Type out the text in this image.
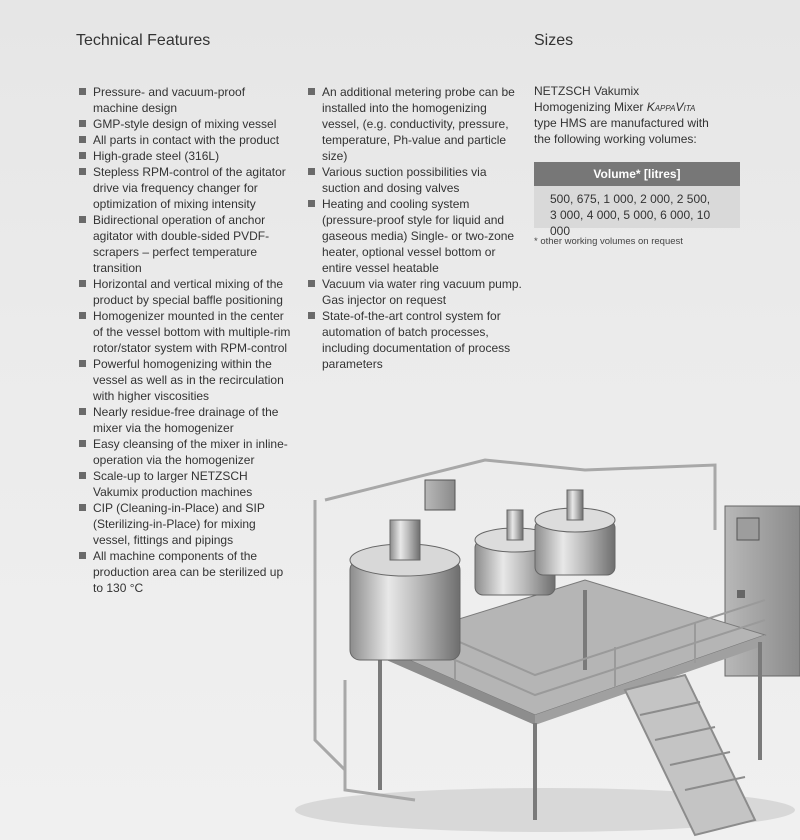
Technical Features	Sizes
Pressure- and vacuum-proof machine design
GMP-style design of mixing vessel
All parts in contact with the product
High-grade steel (316L)
Stepless RPM-control of the agitator drive via frequency changer for optimization of mixing intensity
Bidirectional operation of anchor agitator with double-sided PVDF-scrapers – perfect temperature transition
Horizontal and vertical mixing of the product by special baffle positioning
Homogenizer mounted in the center of the vessel bottom with multiple-rim rotor/stator system with RPM-control
Powerful homogenizing within the vessel as well as in the recirculation with higher viscosities
Nearly residue-free drainage of the mixer via the homogenizer
Easy cleansing of the mixer in inline-operation via the homogenizer
Scale-up to larger NETZSCH Vakumix production machines
CIP (Cleaning-in-Place) and SIP (Sterilizing-in-Place) for mixing vessel, fittings and pipings
All machine components of the production area can be sterilized up to 130 °C
An additional metering probe can be installed into the homogenizing vessel, (e.g. conductivity, pressure, temperature, Ph-value and particle size)
Various suction possibilities via suction and dosing valves
Heating and cooling system (pressure-proof style for liquid and gaseous media) Single- or two-zone heater, optional vessel bottom or entire vessel heatable
Vacuum via water ring vacuum pump. Gas injector on request
State-of-the-art control system for automation of batch processes, including documentation of process parameters

NETZSCH Vakumix Homogenizing Mixer KappaVita type HMS are manufactured with the following working volumes:

Volume* [litres]
500, 675, 1 000, 2 000, 2 500,
3 000, 4 000, 5 000, 6 000, 10 000
* other working volumes on request
